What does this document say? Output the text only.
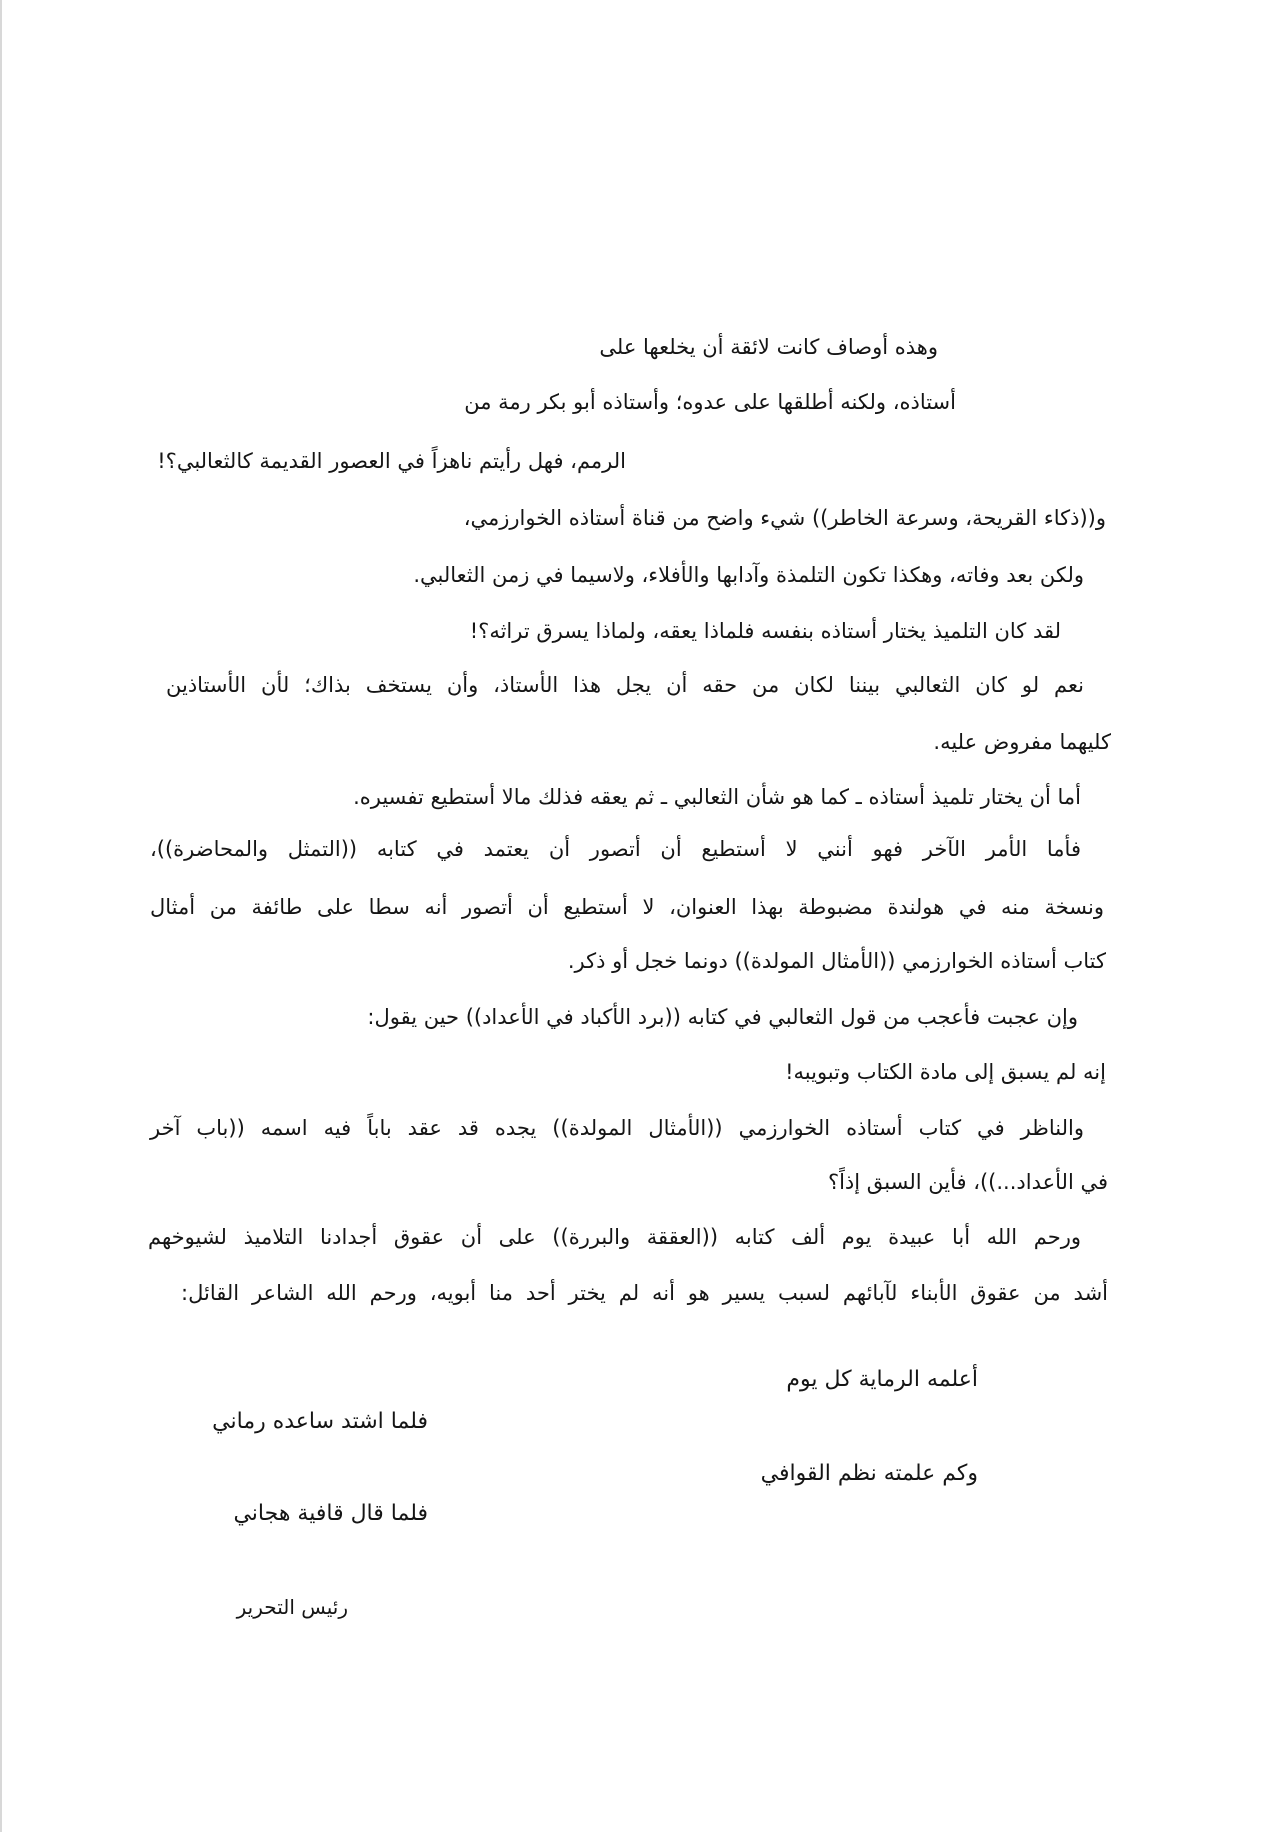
وهذه أوصاف كانت لائقة أن يخلعها على
أستاذه، ولكنه أطلقها على عدوه؛ وأستاذه أبو بكر رمة من
الرمم، فهل رأيتم ناهزاً في العصور القديمة كالثعالبي؟!
و((ذكاء القريحة، وسرعة الخاطر)) شيء واضح من قناة أستاذه الخوارزمي،
ولكن بعد وفاته، وهكذا تكون التلمذة وآدابها والأفلاء، ولاسيما في زمن الثعالبي.
لقد كان التلميذ يختار أستاذه بنفسه فلماذا يعقه، ولماذا يسرق تراثه؟!
نعم لو كان الثعالبي بيننا لكان من حقه أن يجل هذا الأستاذ، وأن يستخف بذاك؛ لأن الأستاذين
كليهما مفروض عليه.
أما أن يختار تلميذ أستاذه ـ كما هو شأن الثعالبي ـ ثم يعقه فذلك مالا أستطيع تفسيره.
فأما الأمر الآخر فهو أنني لا أستطيع أن أتصور أن يعتمد في كتابه ((التمثل والمحاضرة))،
ونسخة منه في هولندة مضبوطة بهذا العنوان، لا أستطيع أن أتصور أنه سطا على طائفة من أمثال
كتاب أستاذه الخوارزمي ((الأمثال المولدة)) دونما خجل أو ذكر.
وإن عجبت فأعجب من قول الثعالبي في كتابه ((برد الأكباد في الأعداد)) حين يقول:
إنه لم يسبق إلى مادة الكتاب وتبويبه!
والناظر في كتاب أستاذه الخوارزمي ((الأمثال المولدة)) يجده قد عقد باباً فيه اسمه ((باب آخر
في الأعداد...))، فأين السبق إذاً؟
ورحم الله أبا عبيدة يوم ألف كتابه ((العققة والبررة)) على أن عقوق أجدادنا التلاميذ لشيوخهم
أشد من عقوق الأبناء لآبائهم لسبب يسير هو أنه لم يختر أحد منا أبويه، ورحم الله الشاعر القائل:
أعلمه الرماية كل يوم
فلما اشتد ساعده رماني
وكم علمته نظم القوافي
فلما قال قافية هجاني
رئيس التحرير
